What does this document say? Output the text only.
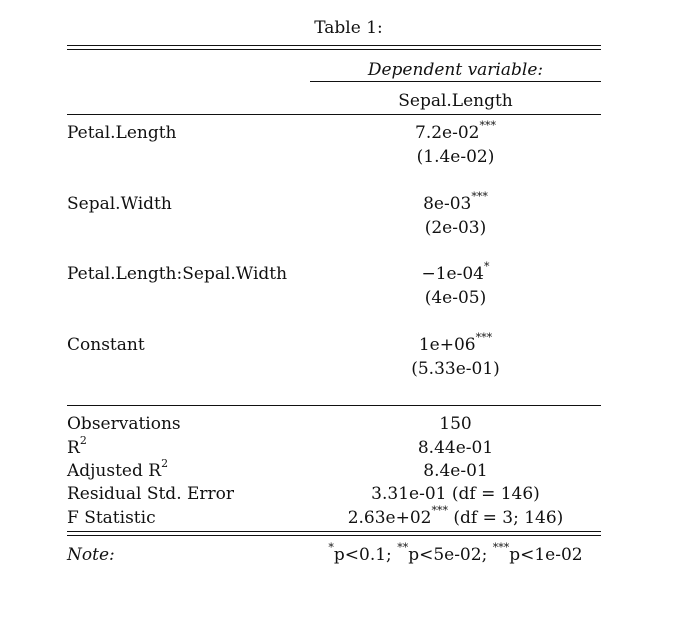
Table 1:
Dependent variable:
Sepal.Length
Petal.Length	7.2e-02***
(1.4e-02)
Sepal.Width	8e-03***
(2e-03)
Petal.Length:Sepal.Width	−1e-04*
(4e-05)
Constant	1e+06***
(5.33e-01)
Observations	150
$R^2$	8.44e-01
Adjusted $R^2$	8.4e-01
Residual Std. Error	3.31e-01 (df = 146)
F Statistic	2.63e+02*** (df = 3; 146)
Note:	*p<0.1; **p<5e-02; ***p<1e-02
